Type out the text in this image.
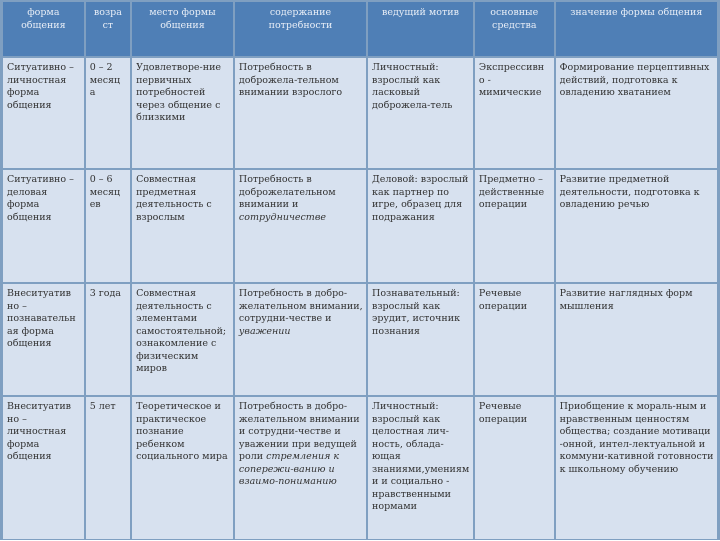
форма общения	возра ст	место формы общения	содержание потребности	ведущий мотив	основные средства	значение формы общения
Ситуативно – личностная форма общения	0 – 2 месяц а	Удовлетворе-ние первичных потребностей через общение с близкими	Потребность в доброжела-тельном внимании взрослого	Личностный: взрослый как ласковый доброжела-тель	Экспрессивн о - мимические	Формирование перцептивных действий, подготовка к овладению хватанием
Ситуативно – деловая форма общения	0 – 6 месяц ев	Совместная предметная деятельность с взрослым	Потребность в доброжелательном внимании и сотрудничестве	Деловой: взрослый как партнер по игре, образец для подражания	Предметно – действенные операции	Развитие предметной деятельности, подготовка к овладению речью
Внеситуатив но – познавательн ая форма общения	3 года	Совместная деятельность с элементами самостоятельной; ознакомление с физическим миров	Потребность в добро-желательном внимании, сотрудни-честве и уважении	Познавательный: взрослый как эрудит, источник познания	Речевые операции	Развитие наглядных форм мышления
Внеситуатив но – личностная форма общения	5 лет	Теоретическое и практическое познание ребенком социального мира	Потребность в добро-желательном внимании и сотрудни-честве и уважении при ведущей роли стремления к сопережи-ванию и взаимо-пониманию	Личностный: взрослый как целостная лич-ность, облада-ющая знаниями,умениями и социально - нравственными нормами	Речевые операции	Приобщение к мораль-ным и нравственным ценностям общества; создание мотиваци -онной, интел-лектуальной и коммуни-кативной готовности к школьному обучению
